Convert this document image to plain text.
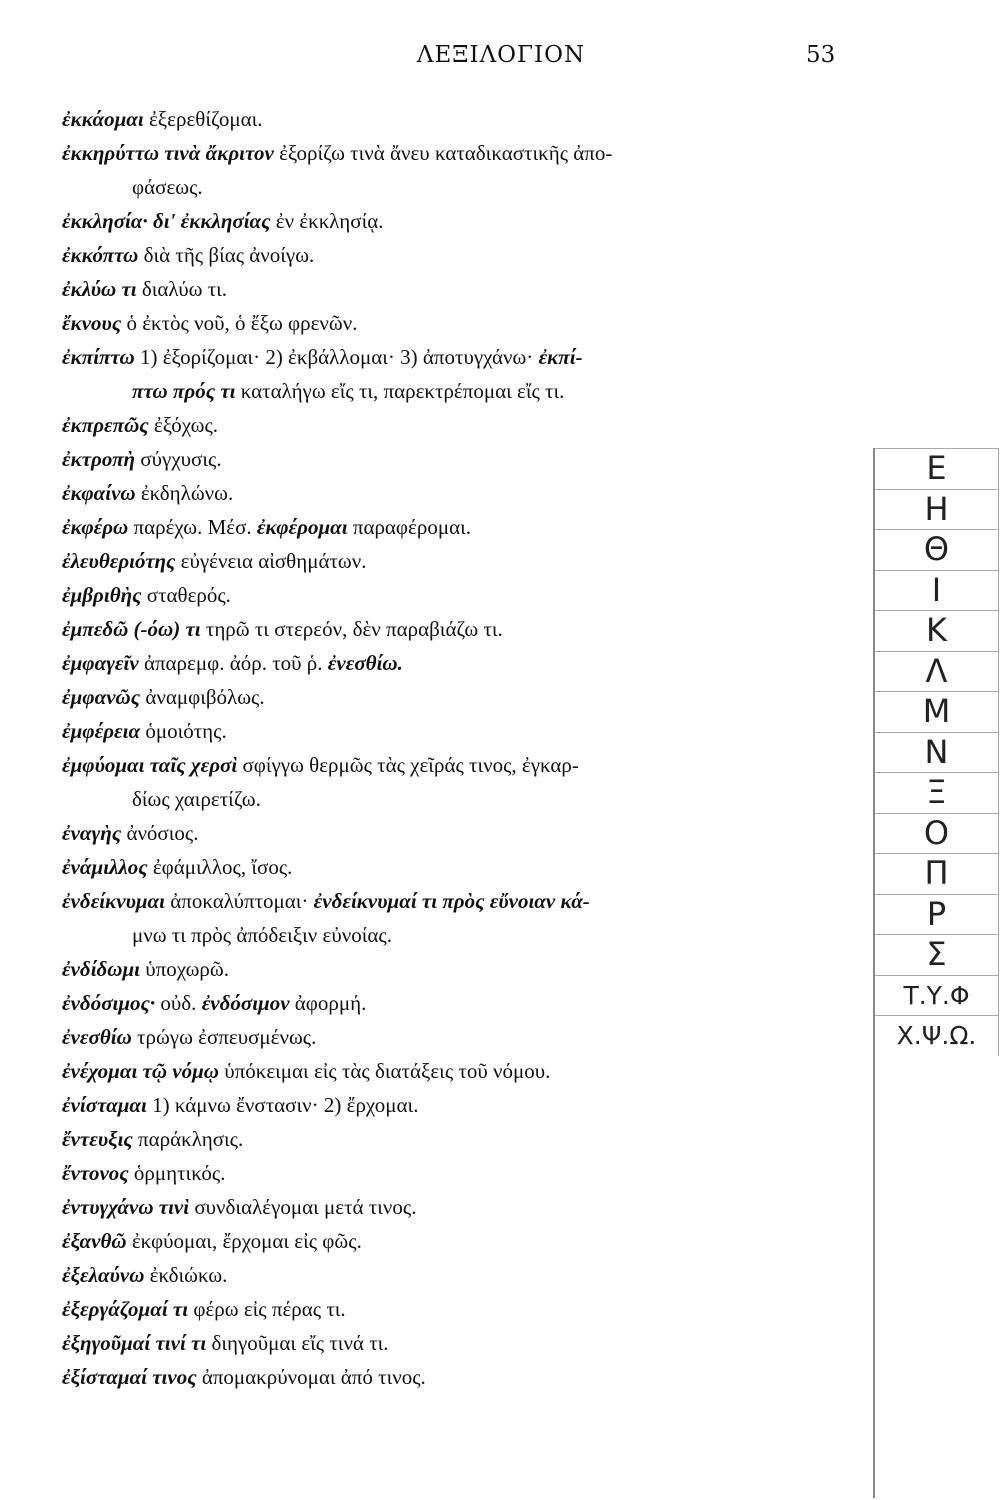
ΛΕΞΙΛΟΓΙΟΝ	53
ἐκκάομαι ἐξερεθίζομαι.
ἐκκηρύττω τινὰ ἄκριτον ἐξορίζω τινὰ ἄνευ καταδικαστικῆς ἀπο-
φάσεως.
ἐκκλησία· δι' ἐκκλησίας ἐν ἐκκλησίᾳ.
ἐκκόπτω διὰ τῆς βίας ἀνοίγω.
ἐκλύω τι διαλύω τι.
ἔκνους ὁ ἐκτὸς νοῦ, ὁ ἔξω φρενῶν.
ἐκπίπτω 1) ἐξορίζομαι· 2) ἐκβάλλομαι· 3) ἀποτυγχάνω· ἐκπί-
πτω πρός τι καταλήγω εἴς τι, παρεκτρέπομαι εἴς τι.
ἐκπρεπῶς ἐξόχως.
ἐκτροπὴ σύγχυσις.
ἐκφαίνω ἐκδηλώνω.
ἐκφέρω παρέχω. Μέσ. ἐκφέρομαι παραφέρομαι.
ἐλευθεριότης εὐγένεια αἰσθημάτων.
ἐμβριθὴς σταθερός.
ἐμπεδῶ (-όω) τι τηρῶ τι στερεόν, δὲν παραβιάζω τι.
ἐμφαγεῖν ἀπαρεμφ. ἀόρ. τοῦ ῥ. ἐνεσθίω.
ἐμφανῶς ἀναμφιβόλως.
ἐμφέρεια ὁμοιότης.
ἐμφύομαι ταῖς χερσὶ σφίγγω θερμῶς τὰς χεῖράς τινος, ἐγκαρ-
δίως χαιρετίζω.
ἐναγὴς ἀνόσιος.
ἐνάμιλλος ἐφάμιλλος, ἴσος.
ἐνδείκνυμαι ἀποκαλύπτομαι· ἐνδείκνυμαί τι πρὸς εὔνοιαν κά-
μνω τι πρὸς ἀπόδειξιν εὐνοίας.
ἐνδίδωμι ὑποχωρῶ.
ἐνδόσιμος· οὐδ. ἐνδόσιμον ἀφορμή.
ἐνεσθίω τρώγω ἐσπευσμένως.
ἐνέχομαι τῷ νόμῳ ὑπόκειμαι εἰς τὰς διατάξεις τοῦ νόμου.
ἐνίσταμαι 1) κάμνω ἔνστασιν· 2) ἔρχομαι.
ἔντευξις παράκλησις.
ἔντονος ὁρμητικός.
ἐντυγχάνω τινὶ συνδιαλέγομαι μετά τινος.
ἐξανθῶ ἐκφύομαι, ἔρχομαι εἰς φῶς.
ἐξελαύνω ἐκδιώκω.
ἐξεργάζομαί τι φέρω εἰς πέρας τι.
ἐξηγοῦμαί τινί τι διηγοῦμαι εἴς τινά τι.
ἐξίσταμαί τινος ἀπομακρύνομαι ἀπό τινος.
Ε
Η
Θ
Ι
Κ
Λ
Μ
Ν
Ξ
Ο
Π
Ρ
Σ
Τ.Υ.Φ
Χ.Ψ.Ω.
